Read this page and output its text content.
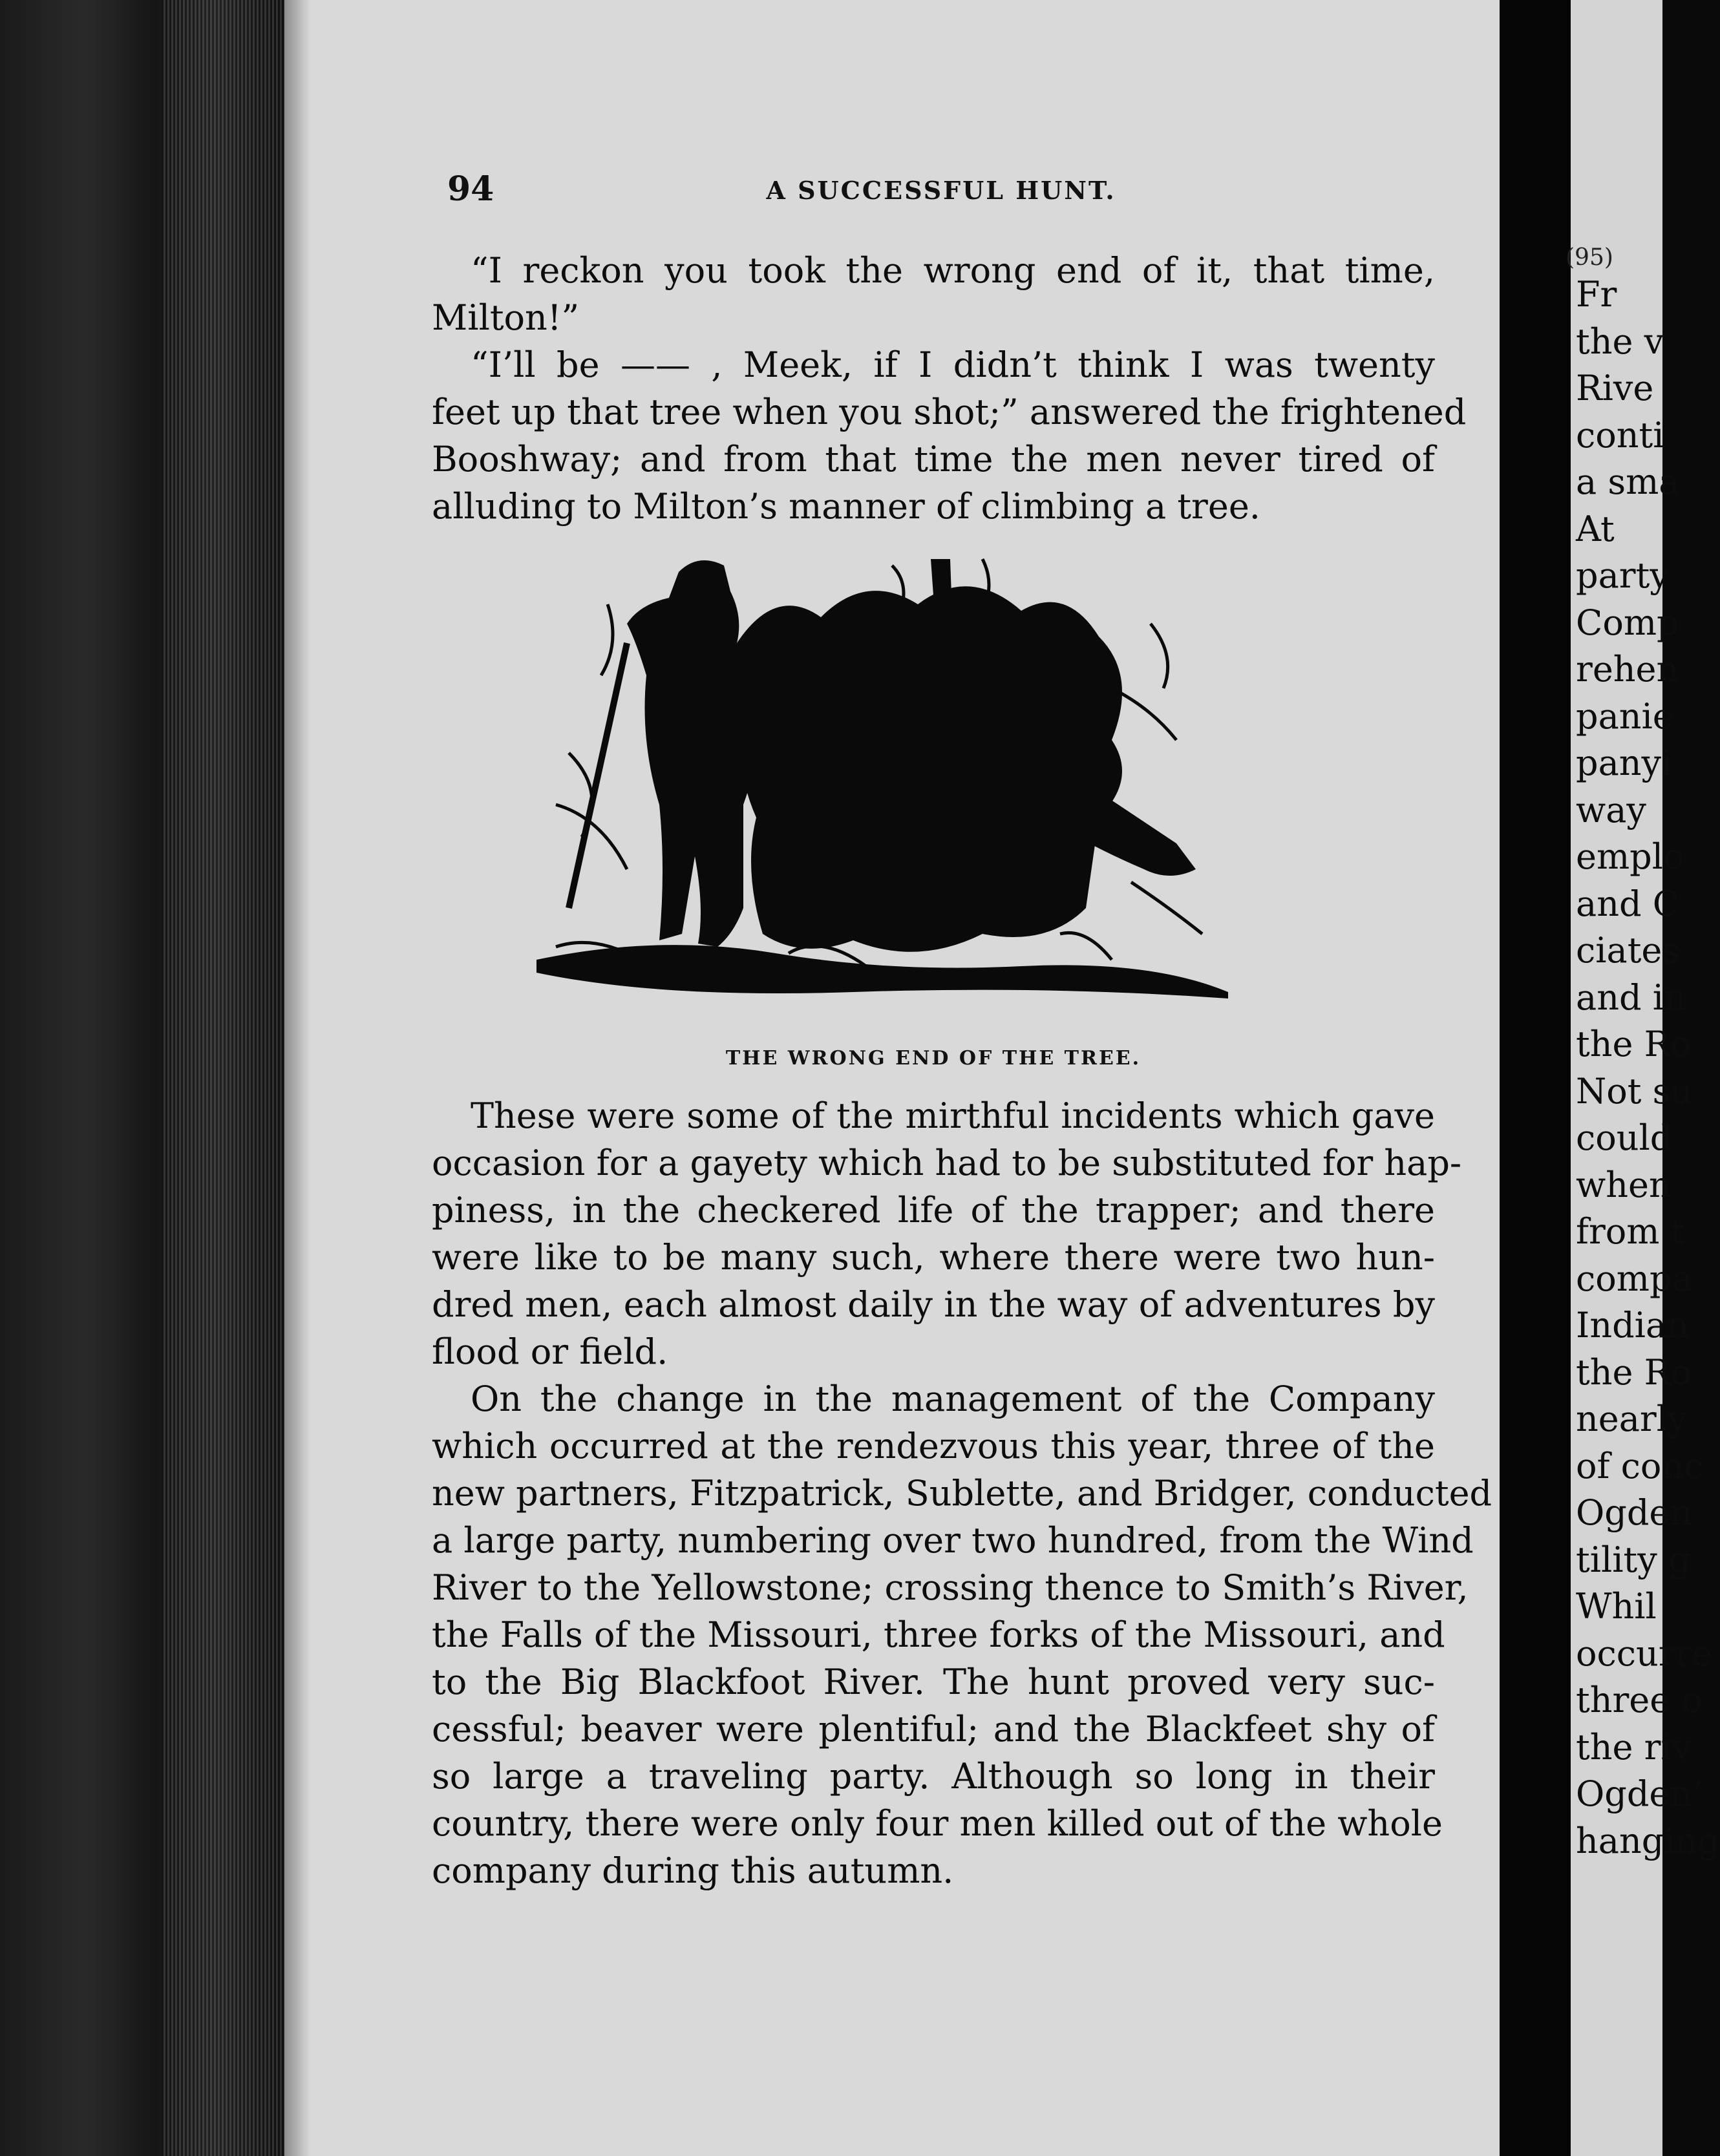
94	A SUCCESSFUL HUNT.

“I reckon you took the wrong end of it, that time,
Milton!”

“I’ll be —— , Meek, if I didn’t think I was twenty
feet up that tree when you shot;” answered the frightened
Booshway; and from that time the men never tired of
alluding to Milton’s manner of climbing a tree.

THE WRONG END OF THE TREE.

These were some of the mirthful incidents which gave
occasion for a gayety which had to be substituted for hap-
piness, in the checkered life of the trapper; and there
were like to be many such, where there were two hun-
dred men, each almost daily in the way of adventures by
flood or field.

On the change in the management of the Company
which occurred at the rendezvous this year, three of the
new partners, Fitzpatrick, Sublette, and Bridger, conducted
a large party, numbering over two hundred, from the Wind
River to the Yellowstone; crossing thence to Smith’s River,
the Falls of the Missouri, three forks of the Missouri, and
to the Big Blackfoot River. The hunt proved very suc-
cessful; beaver were plentiful; and the Blackfeet shy of
so large a traveling party. Although so long in their
country, there were only four men killed out of the whole
company during this autumn.

(95)
Fr
the v
Rive
conti
a sma
At
party
Comp
rehen
panie
panyi
way
emplo
and C
ciates
and in
the Ro
Not su
could
when
from t
compa
Indian
the Ro
nearly
of conc
Ogden
tility g
Whil
occurre
three o
the riv
Ogden’
hanging
